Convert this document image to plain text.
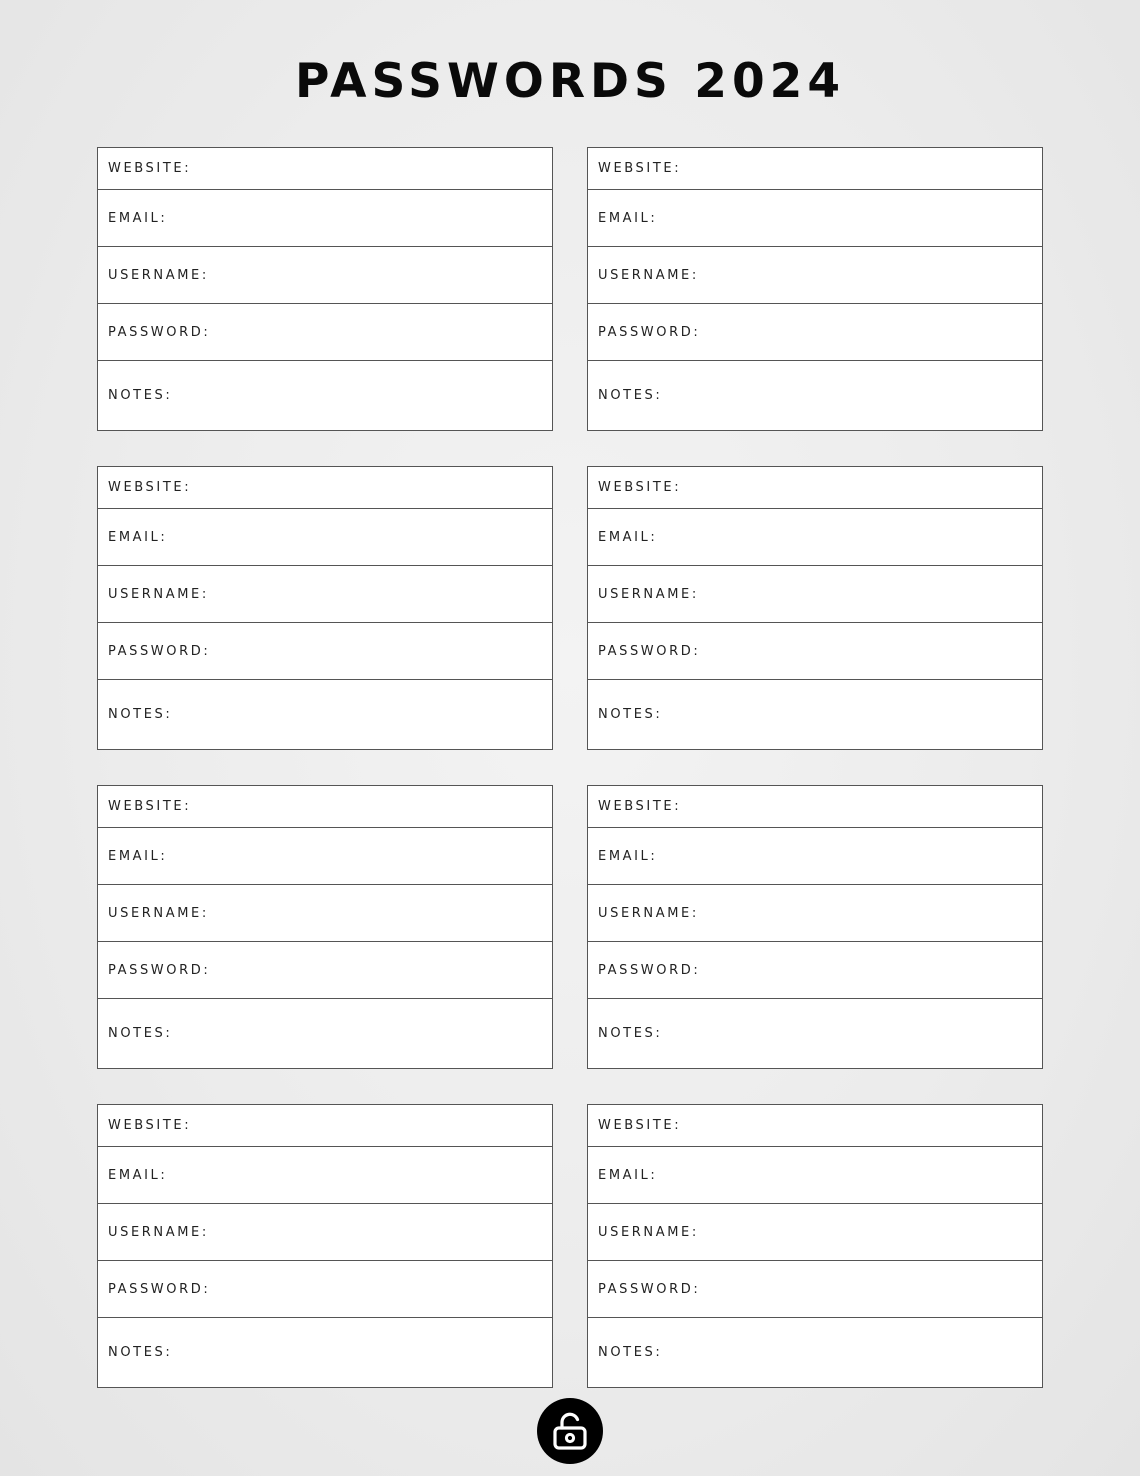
PASSWORDS 2024
WEBSITE:
EMAIL:
USERNAME:
PASSWORD:
NOTES:
WEBSITE:
EMAIL:
USERNAME:
PASSWORD:
NOTES:
WEBSITE:
EMAIL:
USERNAME:
PASSWORD:
NOTES:
WEBSITE:
EMAIL:
USERNAME:
PASSWORD:
NOTES:
WEBSITE:
EMAIL:
USERNAME:
PASSWORD:
NOTES:
WEBSITE:
EMAIL:
USERNAME:
PASSWORD:
NOTES:
WEBSITE:
EMAIL:
USERNAME:
PASSWORD:
NOTES:
WEBSITE:
EMAIL:
USERNAME:
PASSWORD:
NOTES:
